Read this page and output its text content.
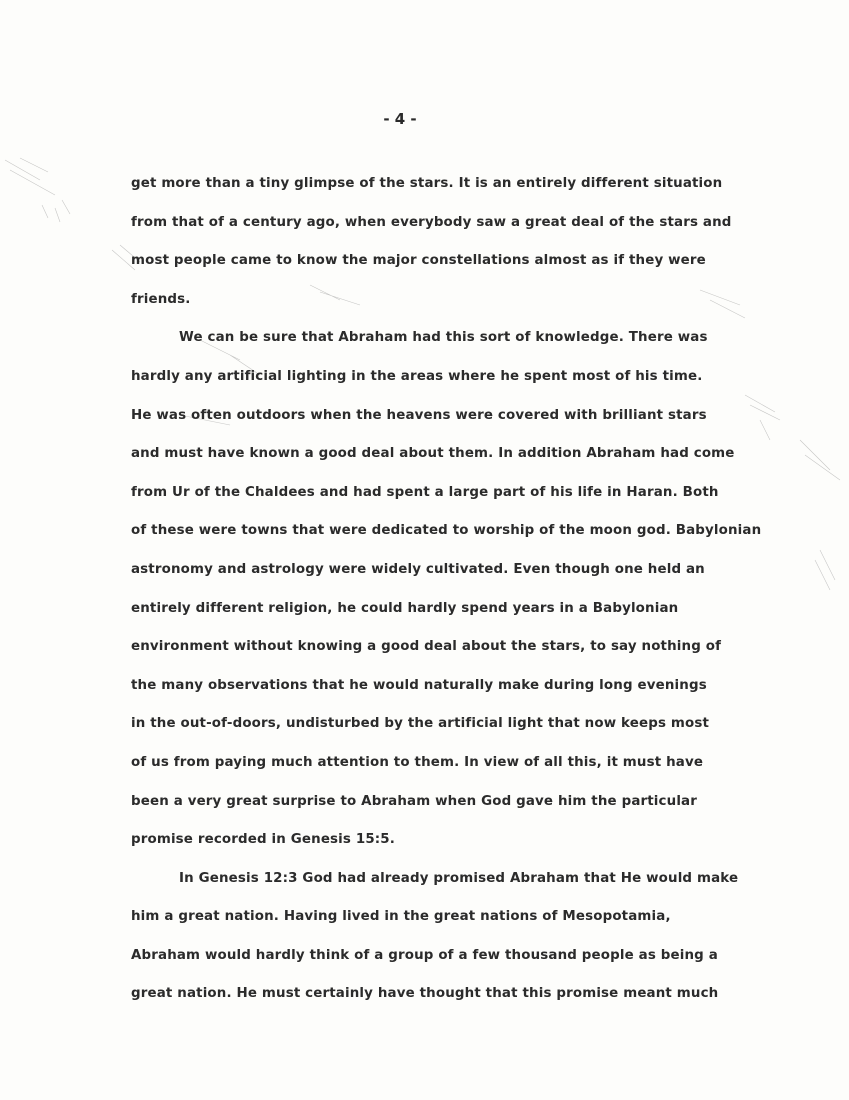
- 4 -
get more than a tiny glimpse of the stars. It is an entirely different situation
from that of a century ago, when everybody saw a great deal of the stars and
most people came to know the major constellations almost as if they were
friends.
We can be sure that Abraham had this sort of knowledge. There was
hardly any artificial lighting in the areas where he spent most of his time.
He was often outdoors when the heavens were covered with brilliant stars
and must have known a good deal about them. In addition Abraham had come
from Ur of the Chaldees and had spent a large part of his life in Haran. Both
of these were towns that were dedicated to worship of the moon god. Babylonian
astronomy and astrology were widely cultivated. Even though one held an
entirely different religion, he could hardly spend years in a Babylonian
environment without knowing a good deal about the stars, to say nothing of
the many observations that he would naturally make during long evenings
in the out-of-doors, undisturbed by the artificial light that now keeps most
of us from paying much attention to them. In view of all this, it must have
been a very great surprise to Abraham when God gave him the particular
promise recorded in Genesis 15:5.
In Genesis 12:3 God had already promised Abraham that He would make
him a great nation. Having lived in the great nations of Mesopotamia,
Abraham would hardly think of a group of a few thousand people as being a
great nation. He must certainly have thought that this promise meant much
